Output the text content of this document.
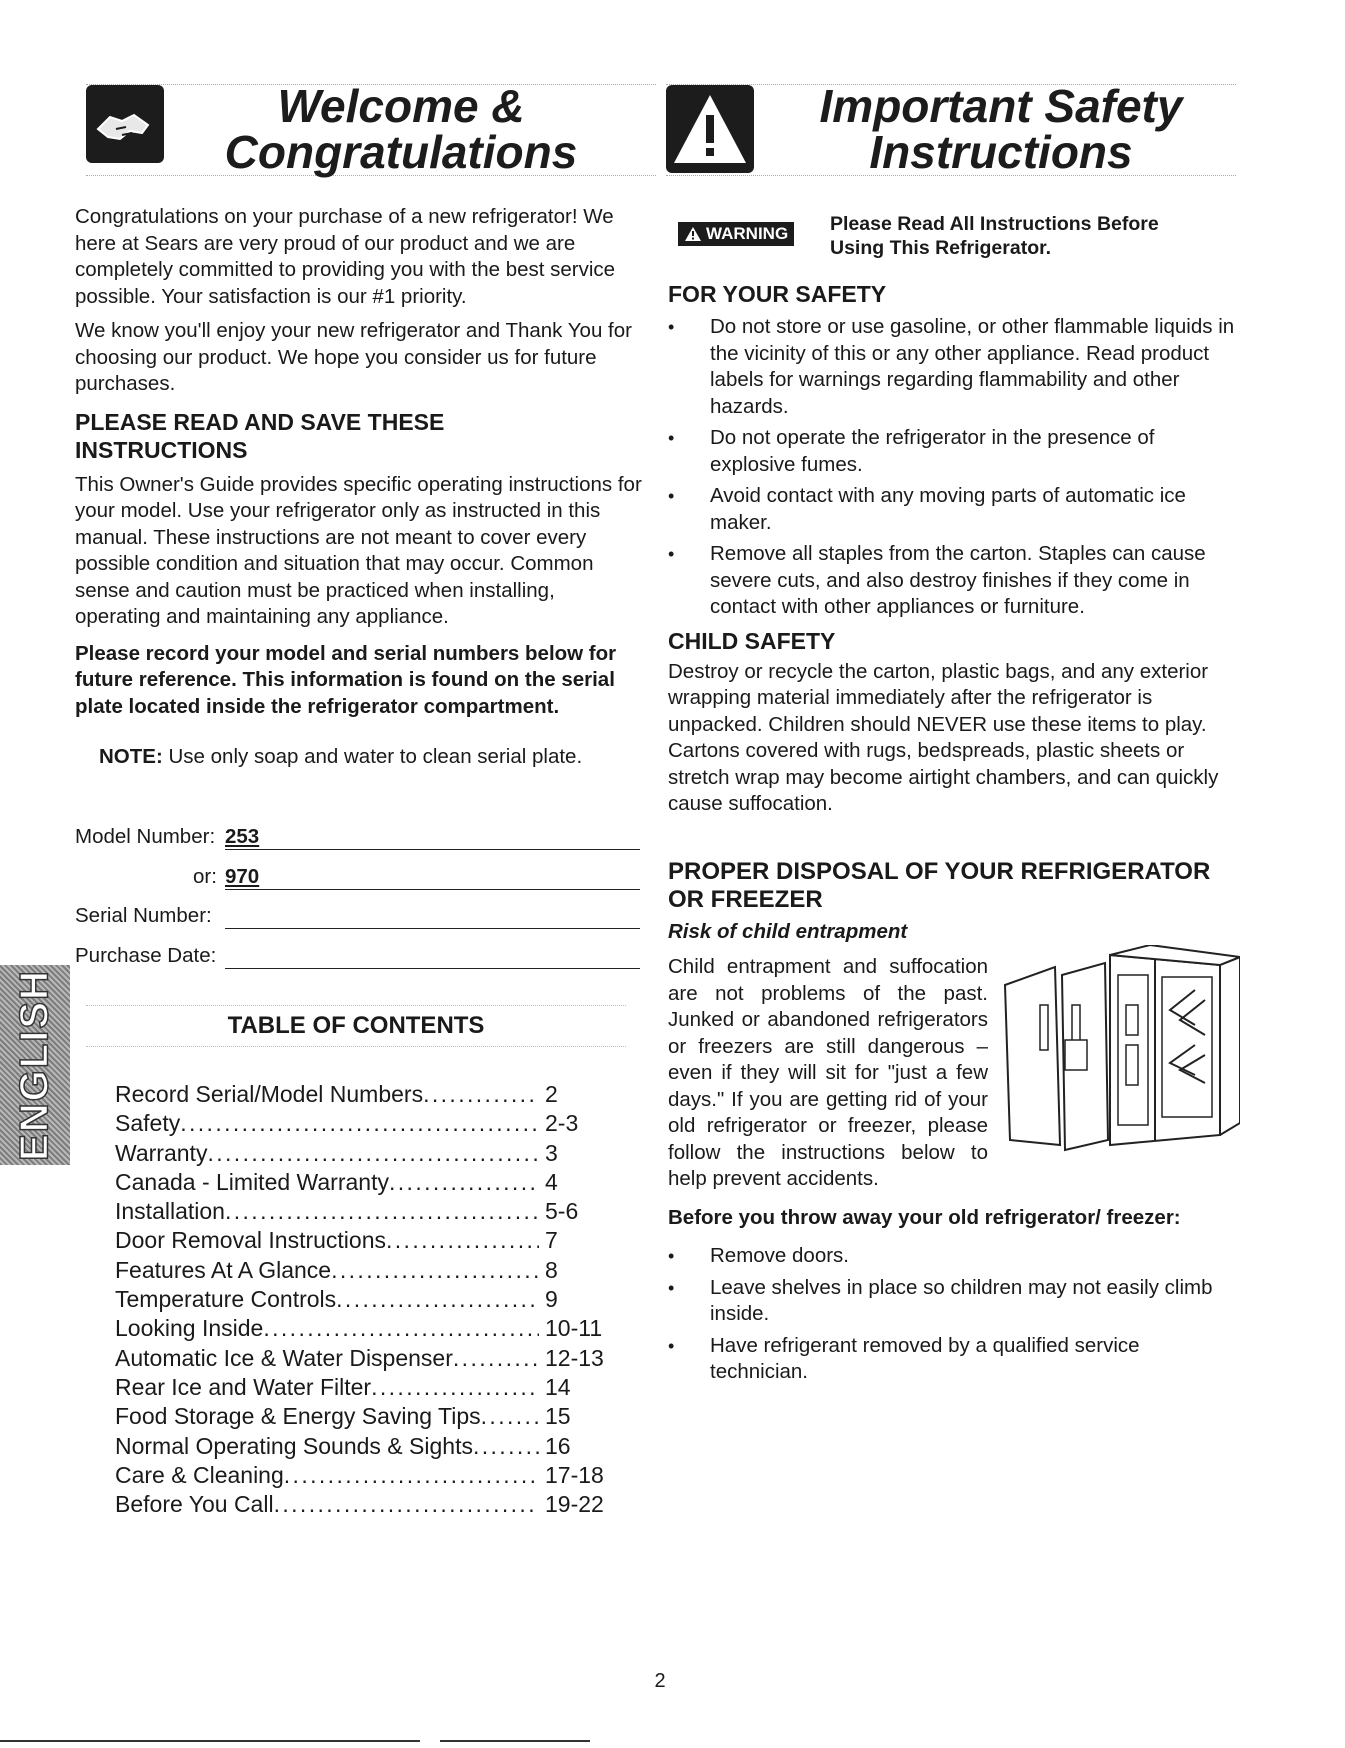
Welcome &
Congratulations
Important Safety
Instructions

Congratulations on your purchase of a new refrigerator! We here at Sears are very proud of our product and we are completely committed to providing you with the best service possible. Your satisfaction is our #1 priority.

We know you'll enjoy your new refrigerator and Thank You for choosing our product. We hope you consider us for future purchases.

PLEASE READ AND SAVE THESE INSTRUCTIONS

This Owner's Guide provides specific operating instructions for your model. Use your refrigerator only as instructed in this manual. These instructions are not meant to cover every possible condition and situation that may occur. Common sense and caution must be practiced when installing, operating and maintaining any appliance.

Please record your model and serial numbers below for future reference. This information is found on the serial plate located inside the refrigerator compartment.

NOTE: Use only soap and water to clean serial plate.

Model Number: 253
or: 970
Serial Number:
Purchase Date:
ENGLISH	TABLE OF CONTENTS
Record Serial/Model Numbers . . .	2
Safety . . .	2-3
Warranty . . .	3
Canada - Limited Warranty . . .	4
Installation . . .	5-6
Door Removal Instructions . . .	7
Features At A Glance . . .	8
Temperature Controls . . .	9
Looking Inside . . .	10-11
Automatic Ice & Water Dispenser . . .	12-13
Rear Ice and Water Filter . . .	14
Food Storage & Energy Saving Tips . . .	15
Normal Operating Sounds & Sights . . .	16
Care & Cleaning . . .	17-18
Before You Call . . .	19-22
WARNING Please Read All Instructions Before
Using This Refrigerator.

FOR YOUR SAFETY

• Do not store or use gasoline, or other flammable liquids in the vicinity of this or any other appliance. Read product labels for warnings regarding flammability and other hazards.
• Do not operate the refrigerator in the presence of explosive fumes.
• Avoid contact with any moving parts of automatic ice maker.
• Remove all staples from the carton. Staples can cause severe cuts, and also destroy finishes if they come in contact with other appliances or furniture.

CHILD SAFETY

Destroy or recycle the carton, plastic bags, and any exterior wrapping material immediately after the refrigerator is unpacked. Children should NEVER use these items to play. Cartons covered with rugs, bedspreads, plastic sheets or stretch wrap may become airtight chambers, and can quickly cause suffocation.

PROPER DISPOSAL OF YOUR REFRIGERATOR OR FREEZER

Risk of child entrapment

Child entrapment and suffocation are not problems of the past. Junked or abandoned refrigerators or freezers are still dangerous – even if they will sit for "just a few days." If you are getting rid of your old refrigerator or freezer, please follow the instructions below to help prevent accidents.

Before you throw away your old refrigerator/ freezer:

• Remove doors.
• Leave shelves in place so children may not easily climb inside.
• Have refrigerant removed by a qualified service technician.
2
